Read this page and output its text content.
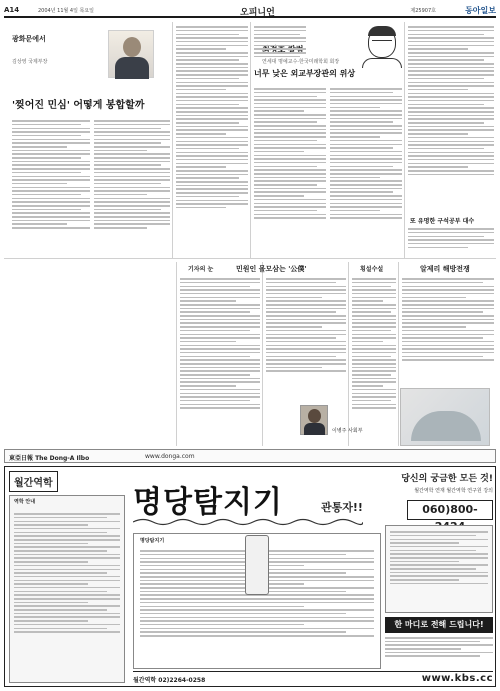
A14	2004년 11월 4일 목요일	오피니언	제25907호	동아일보
광화문에서
김상영 국제부장
'찢어진 민심' 어떻게 봉합할까
연세대 명예교수·한국미래학회 회장
너무 낮은 외교부장관의 위상
또 유명한 구석공부 대수
기자의 눈	민원인 몰모삼는 '公僕'	횡설수설	알제리 해방전쟁
이병주 사회부
東亞日報 The Dong-A Ilbo	www.donga.com
월간역학
역학 안내	명당탐지기	관통자!!
당신의 궁금한 모든 것!
월간역학 연재 월간역학 연구원 강의
060)800-
명당탐지기
한 마디로 전해 드립니다!
월간역학 02)2264-0258	www.kbs.cc
